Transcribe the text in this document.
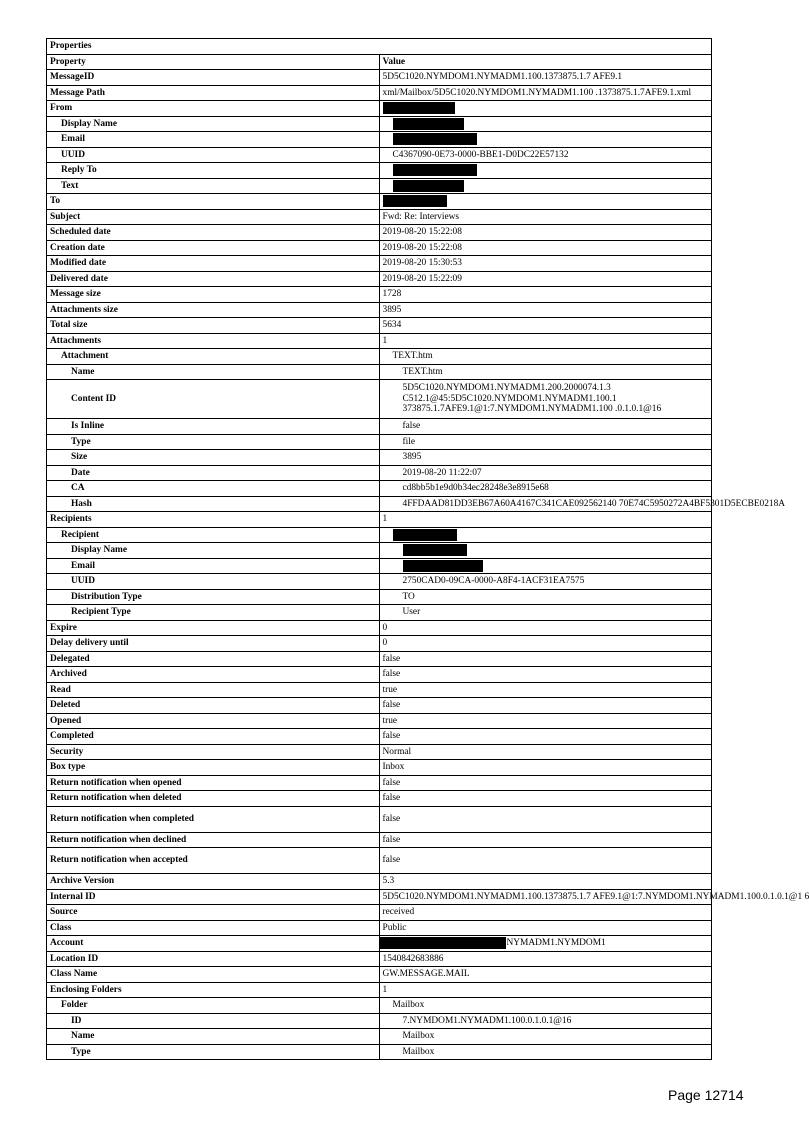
Properties	
Property	Value
MessageID	5D5C1020.NYMDOM1.NYMADM1.100.1373875.1.7 AFE9.1
Message Path	xml/Mailbox/5D5C1020.NYMDOM1.NYMADM1.100 .1373875.1.7AFE9.1.xml
From	
Display Name	
Email	
UUID	C4367090-0E73-0000-BBE1-D0DC22E57132
Reply To	
Text	
To	
Subject	Fwd: Re: Interviews
Scheduled date	2019-08-20 15:22:08
Creation date	2019-08-20 15:22:08
Modified date	2019-08-20 15:30:53
Delivered date	2019-08-20 15:22:09
Message size	1728
Attachments size	3895
Total size	5634
Attachments	1
Attachment	TEXT.htm
Name	TEXT.htm
Content ID	5D5C1020.NYMDOM1.NYMADM1.200.2000074.1.3
C512.1@45:5D5C1020.NYMDOM1.NYMADM1.100.1
373875.1.7AFE9.1@1:7.NYMDOM1.NYMADM1.100 .0.1.0.1@16

Is Inline	false
Type	file
Size	3895
Date	2019-08-20 11:22:07
CA	cd8bb5b1e9d0b34ec28248e3e8915e68
Hash	4FFDAAD81DD3EB67A60A4167C341CAE092562140 70E74C5950272A4BF5301D5ECBE0218A
Recipients	1
Recipient	
Display Name	
Email	
UUID	2750CAD0-09CA-0000-A8F4-1ACF31EA7575
Distribution Type	TO
Recipient Type	User
Expire	0
Delay delivery until	0
Delegated	false
Archived	false
Read	true
Deleted	false
Opened	true
Completed	false
Security	Normal
Box type	Inbox
Return notification when opened	false
Return notification when deleted	false
Return notification when completed	false
Return notification when declined	false
Return notification when accepted	false
Archive Version	5.3
Internal ID	5D5C1020.NYMDOM1.NYMADM1.100.1373875.1.7 AFE9.1@1:7.NYMDOM1.NYMADM1.100.0.1.0.1@1 6
Source	received
Class	Public
Account	NYMADM1.NYMDOM1

Location ID	1540842683886
Class Name	GW.MESSAGE.MAIL
Enclosing Folders	1
Folder	Mailbox
ID	7.NYMDOM1.NYMADM1.100.0.1.0.1@16
Name	Mailbox
Type	Mailbox
Page 12714
